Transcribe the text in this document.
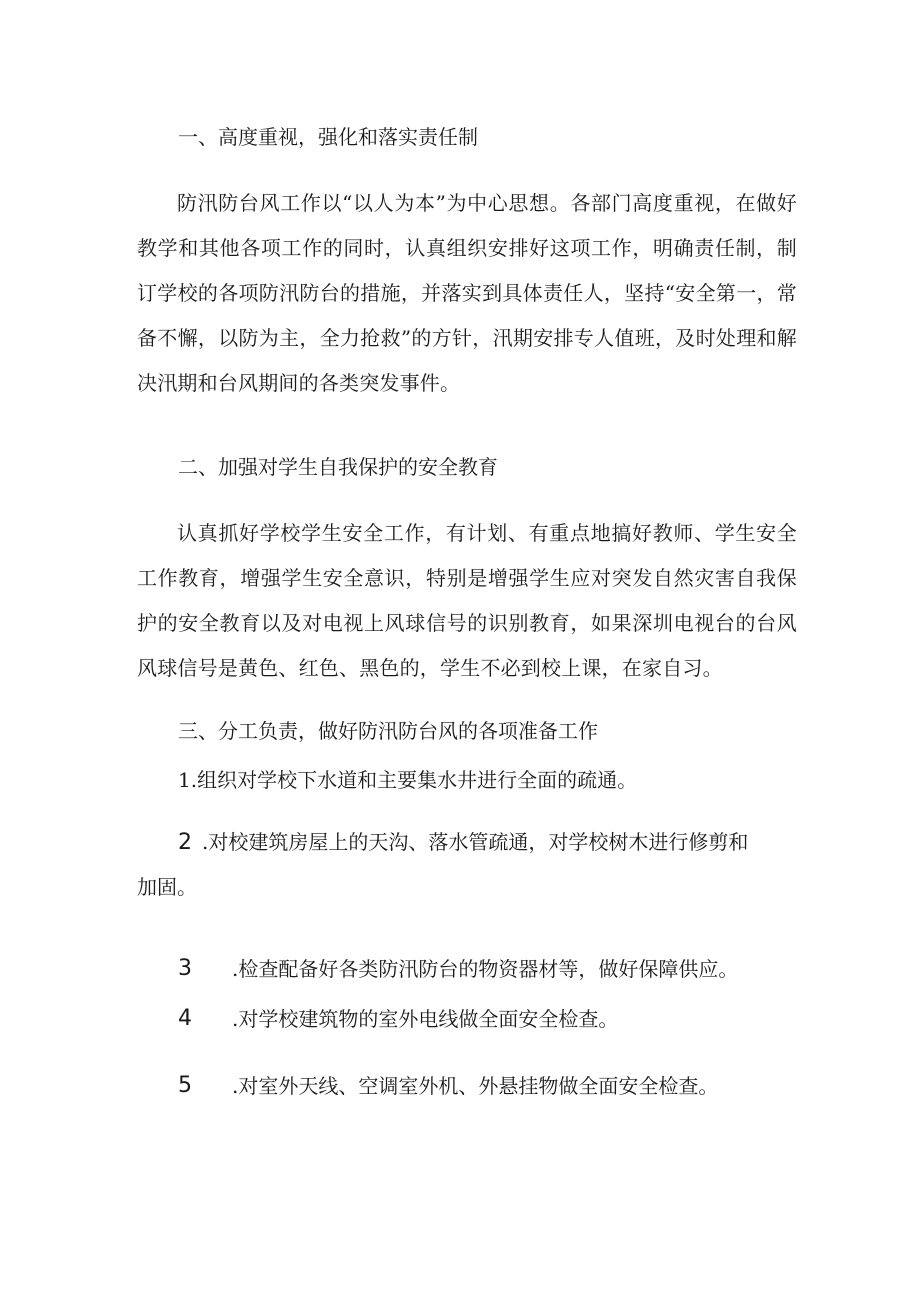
一、高度重视，强化和落实责任制
防汛防台风工作以“以人为本”为中心思想。各部门高度重视，在做好教学和其他各项工作的同时，认真组织安排好这项工作，明确责任制，制订学校的各项防汛防台的措施，并落实到具体责任人，坚持“安全第一，常备不懈，以防为主，全力抢救”的方针，汛期安排专人值班，及时处理和解决汛期和台风期间的各类突发事件。
二、加强对学生自我保护的安全教育
认真抓好学校学生安全工作，有计划、有重点地搞好教师、学生安全工作教育，增强学生安全意识，特别是增强学生应对突发自然灾害自我保护的安全教育以及对电视上风球信号的识别教育，如果深圳电视台的台风风球信号是黄色、红色、黑色的，学生不必到校上课，在家自习。
三、分工负责，做好防汛防台风的各项准备工作
1.组织对学校下水道和主要集水井进行全面的疏通。
2 .对校建筑房屋上的天沟、落水管疏通，对学校树木进行修剪和加固。
3 .检查配备好各类防汛防台的物资器材等，做好保障供应。
4 .对学校建筑物的室外电线做全面安全检查。
5 .对室外天线、空调室外机、外悬挂物做全面安全检查。
